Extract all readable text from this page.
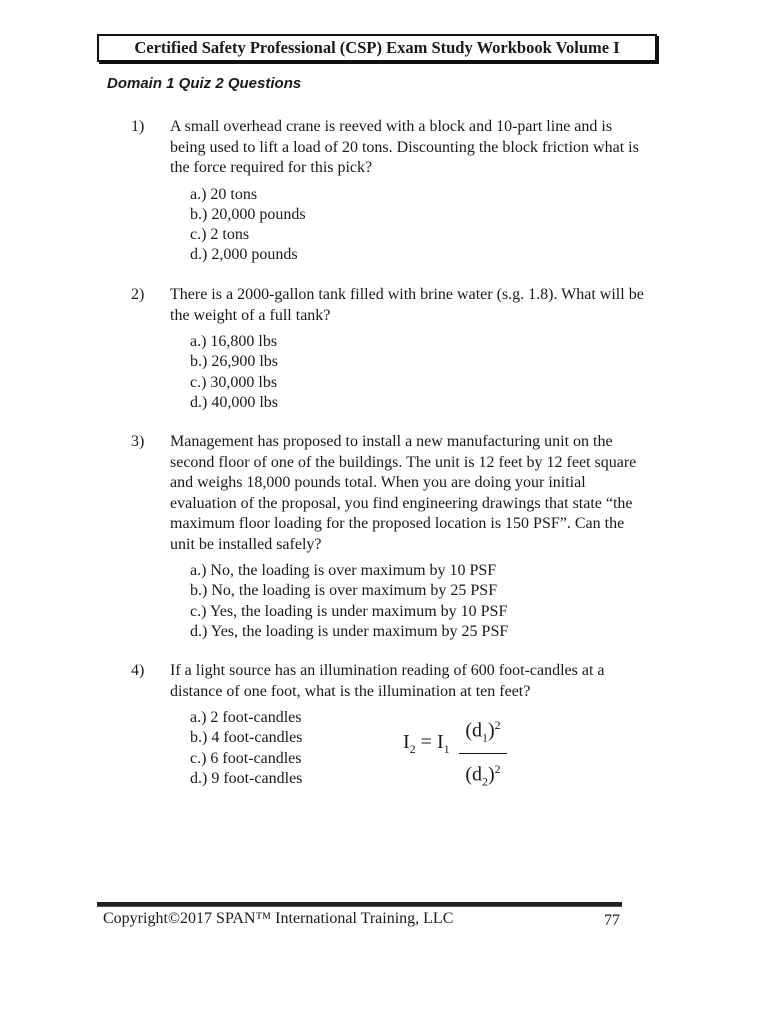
Certified Safety Professional (CSP) Exam Study Workbook Volume I
Domain 1 Quiz 2 Questions
1)	A small overhead crane is reeved with a block and 10-part line and is being used to lift a load of 20 tons. Discounting the block friction what is the force required for this pick?
a.) 20 tons
b.) 20,000 pounds
c.) 2 tons
d.) 2,000 pounds
2)	There is a 2000-gallon tank filled with brine water (s.g. 1.8). What will be the weight of a full tank?
a.) 16,800 lbs
b.) 26,900 lbs
c.) 30,000 lbs
d.) 40,000 lbs
3)	Management has proposed to install a new manufacturing unit on the second floor of one of the buildings. The unit is 12 feet by 12 feet square and weighs 18,000 pounds total. When you are doing your initial evaluation of the proposal, you find engineering drawings that state “the maximum floor loading for the proposed location is 150 PSF”. Can the unit be installed safely?
a.) No, the loading is over maximum by 10 PSF
b.) No, the loading is over maximum by 25 PSF
c.) Yes, the loading is under maximum by 10 PSF
d.) Yes, the loading is under maximum by 25 PSF
4)	If a light source has an illumination reading of 600 foot-candles at a distance of one foot, what is the illumination at ten feet?
a.) 2 foot-candles
b.) 4 foot-candles
c.) 6 foot-candles
d.) 9 foot-candles
$I_2 = I_1$
$(d_1)^2$
$(d_2)^2$
Copyright©2017 SPAN™ International Training, LLC	77
